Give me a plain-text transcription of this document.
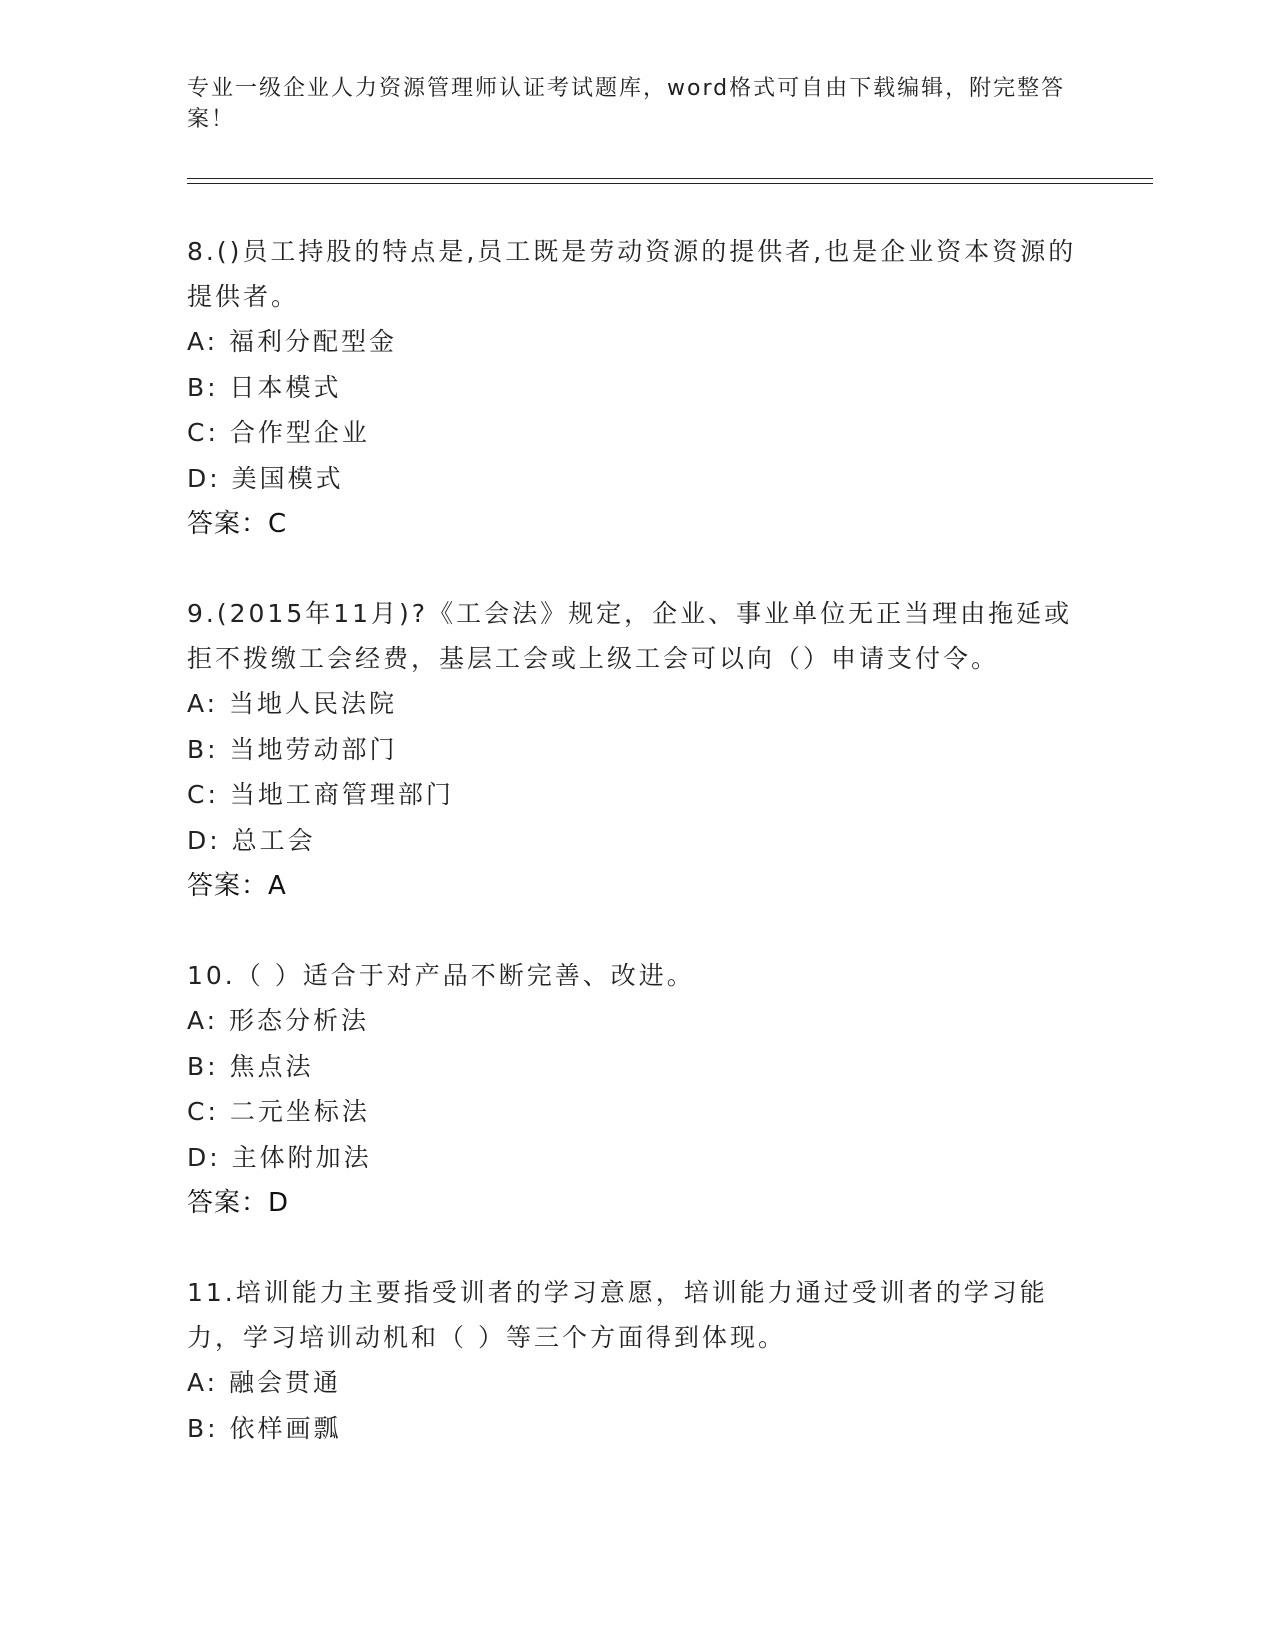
专业一级企业人力资源管理师认证考试题库，word格式可自由下载编辑，附完整答案！
8.()员工持股的特点是,员工既是劳动资源的提供者,也是企业资本资源的提供者。
A: 福利分配型金
B: 日本模式
C: 合作型企业
D: 美国模式
答案：C
9.(2015年11月)?《工会法》规定，企业、事业单位无正当理由拖延或拒不拨缴工会经费，基层工会或上级工会可以向（）申请支付令。
A: 当地人民法院
B: 当地劳动部门
C: 当地工商管理部门
D: 总工会
答案：A
10.（ ）适合于对产品不断完善、改进。
A: 形态分析法
B: 焦点法
C: 二元坐标法
D: 主体附加法
答案：D
11.培训能力主要指受训者的学习意愿，培训能力通过受训者的学习能力，学习培训动机和（ ）等三个方面得到体现。
A: 融会贯通
B: 依样画瓢
